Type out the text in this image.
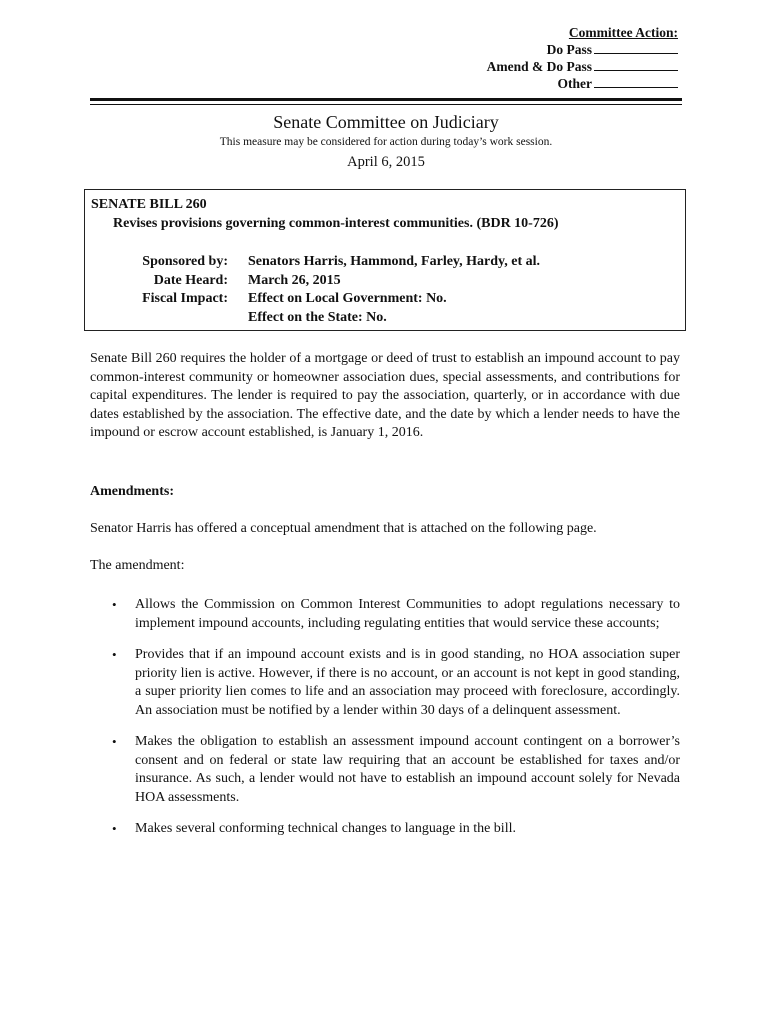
Committee Action:
Do Pass
Amend & Do Pass
Other
Senate Committee on Judiciary
This measure may be considered for action during today’s work session.
April 6, 2015
SENATE BILL 260
Revises provisions governing common-interest communities. (BDR 10-726)
Sponsored by: Senators Harris, Hammond, Farley, Hardy, et al.
Date Heard: March 26, 2015
Fiscal Impact: Effect on Local Government: No.
Effect on the State: No.
Senate Bill 260 requires the holder of a mortgage or deed of trust to establish an impound account to pay common-interest community or homeowner association dues, special assessments, and contributions for capital expenditures. The lender is required to pay the association, quarterly, or in accordance with due dates established by the association. The effective date, and the date by which a lender needs to have the impound or escrow account established, is January 1, 2016.
Amendments:
Senator Harris has offered a conceptual amendment that is attached on the following page.
The amendment:
• Allows the Commission on Common Interest Communities to adopt regulations necessary to implement impound accounts, including regulating entities that would service these accounts;
• Provides that if an impound account exists and is in good standing, no HOA association super priority lien is active. However, if there is no account, or an account is not kept in good standing, a super priority lien comes to life and an association may proceed with foreclosure, accordingly. An association must be notified by a lender within 30 days of a delinquent assessment.
• Makes the obligation to establish an assessment impound account contingent on a borrower’s consent and on federal or state law requiring that an account be established for taxes and/or insurance. As such, a lender would not have to establish an impound account solely for Nevada HOA assessments.
• Makes several conforming technical changes to language in the bill.
